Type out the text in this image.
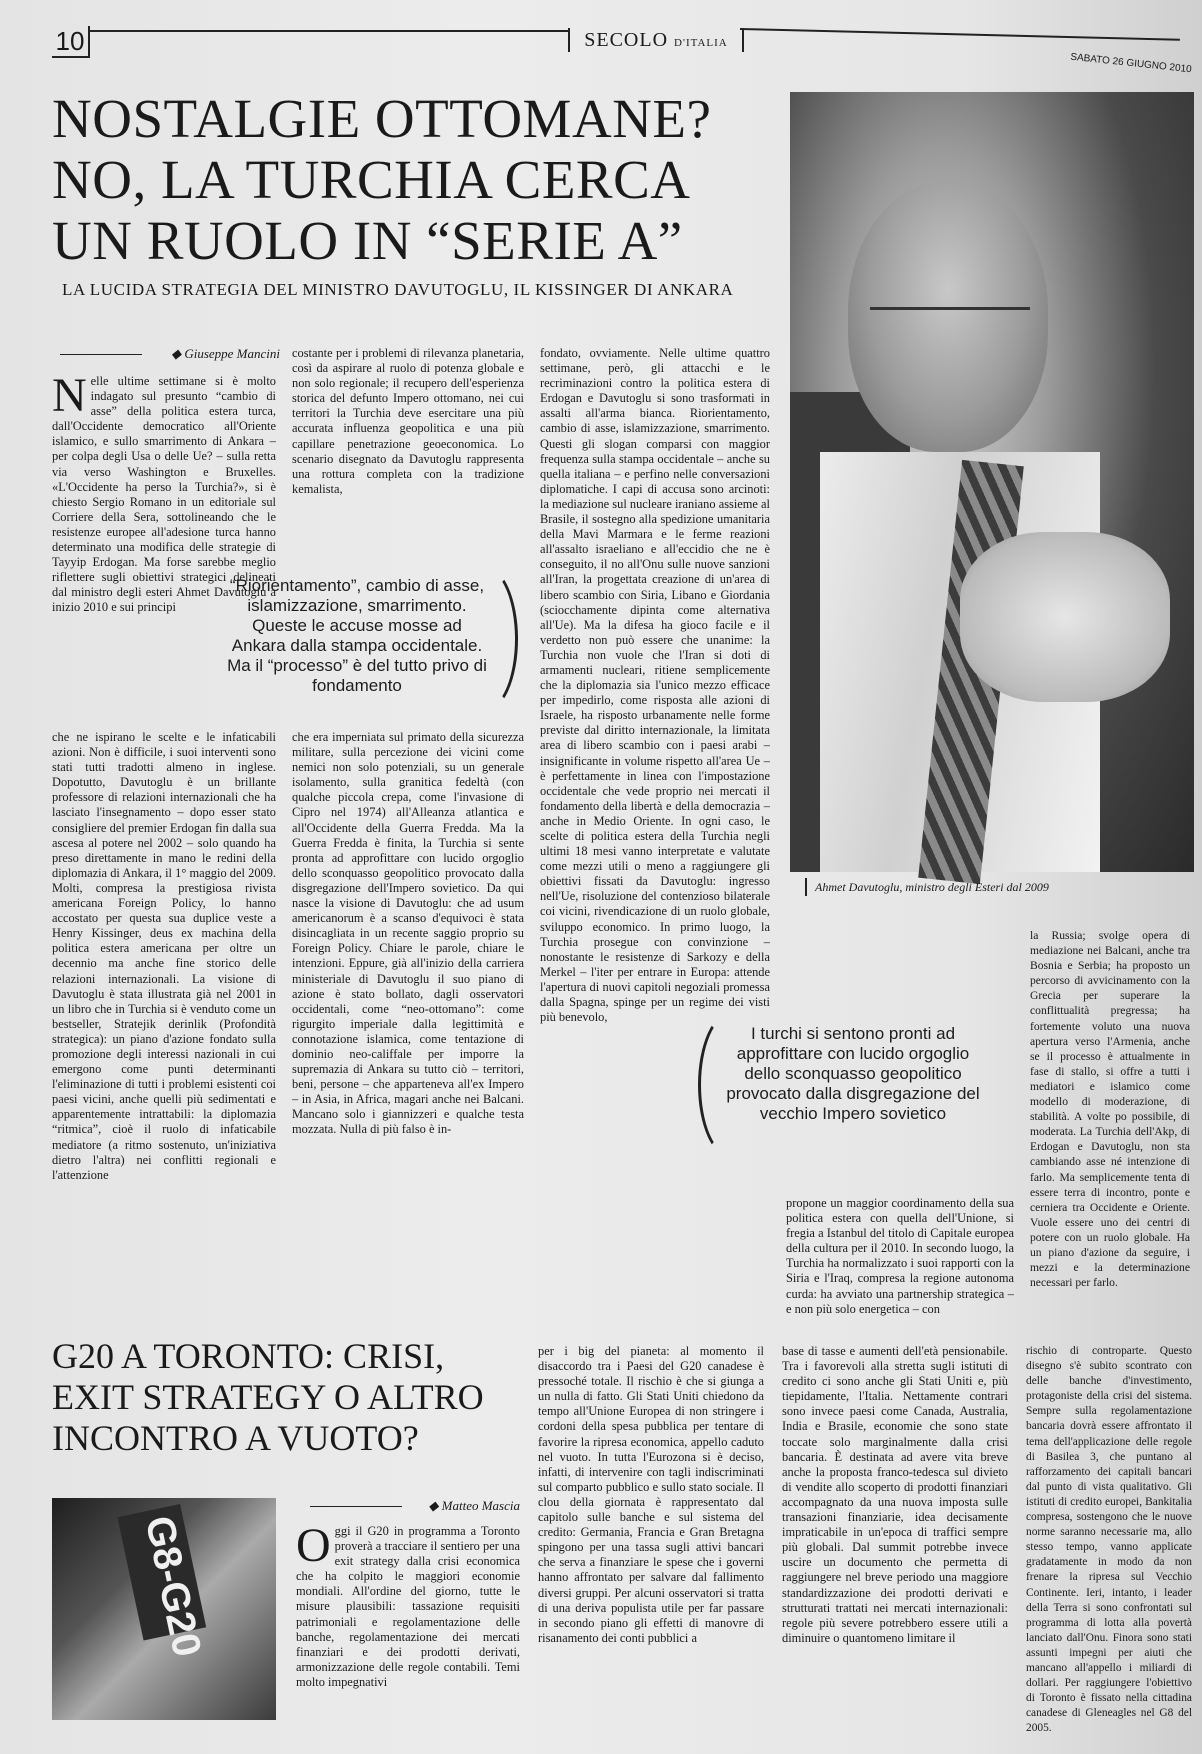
10	SECOLO D'ITALIA
SABATO 26 GIUGNO 2010
NOSTALGIE OTTOMANE?
NO, LA TURCHIA CERCA
UN RUOLO IN “SERIE A”
LA LUCIDA STRATEGIA DEL MINISTRO DAVUTOGLU, IL KISSINGER DI ANKARA
Ahmet Davutoglu, ministro degli Esteri dal 2009
◆ Giuseppe Mancini
Nelle ultime settimane si è molto indagato sul presunto “cambio di asse” della politica estera turca, dall'Occidente democratico all'Oriente islamico, e sullo smarrimento di Ankara – per colpa degli Usa o delle Ue? – sulla retta via verso Washington e Bruxelles. «L'Occidente ha perso la Turchia?», si è chiesto Sergio Romano in un editoriale sul Corriere della Sera, sottolineando che le resistenze europee all'adesione turca hanno determinato una modifica delle strategie di Tayyip Erdogan. Ma forse sarebbe meglio riflettere sugli obiettivi strategici delineati dal ministro degli esteri Ahmet Davutoglu a inizio 2010 e sui principi
“Riorientamento”, cambio di asse, islamizzazione, smarrimento. Queste le accuse mosse ad Ankara dalla stampa occidentale. Ma il “processo” è del tutto privo di fondamento
che ne ispirano le scelte e le infaticabili azioni. Non è difficile, i suoi interventi sono stati tutti tradotti almeno in inglese. Dopotutto, Davutoglu è un brillante professore di relazioni internazionali che ha lasciato l'insegnamento – dopo esser stato consigliere del premier Erdogan fin dalla sua ascesa al potere nel 2002 – solo quando ha preso direttamente in mano le redini della diplomazia di Ankara, il 1° maggio del 2009. Molti, compresa la prestigiosa rivista americana Foreign Policy, lo hanno accostato per questa sua duplice veste a Henry Kissinger, deus ex machina della politica estera americana per oltre un decennio ma anche fine storico delle relazioni internazionali. La visione di Davutoglu è stata illustrata già nel 2001 in un libro che in Turchia si è venduto come un bestseller, Stratejik derinlik (Profondità strategica): un piano d'azione fondato sulla promozione degli interessi nazionali in cui emergono come punti determinanti l'eliminazione di tutti i problemi esistenti coi paesi vicini, anche quelli più sedimentati e apparentemente intrattabili: la diplomazia “ritmica”, cioè il ruolo di infaticabile mediatore (a ritmo sostenuto, un'iniziativa dietro l'altra) nei conflitti regionali e l'attenzione
costante per i problemi di rilevanza planetaria, così da aspirare al ruolo di potenza globale e non solo regionale; il recupero dell'esperienza storica del defunto Impero ottomano, nei cui territori la Turchia deve esercitare una più accurata influenza geopolitica e una più capillare penetrazione geoeconomica. Lo scenario disegnato da Davutoglu rappresenta una rottura completa con la tradizione kemalista,
che era imperniata sul primato della sicurezza militare, sulla percezione dei vicini come nemici non solo potenziali, su un generale isolamento, sulla granitica fedeltà (con qualche piccola crepa, come l'invasione di Cipro nel 1974) all'Alleanza atlantica e all'Occidente della Guerra Fredda. Ma la Guerra Fredda è finita, la Turchia si sente pronta ad approfittare con lucido orgoglio dello sconquasso geopolitico provocato dalla disgregazione dell'Impero sovietico. Da qui nasce la visione di Davutoglu: che ad usum americanorum è a scanso d'equivoci è stata disincagliata in un recente saggio proprio su Foreign Policy. Chiare le parole, chiare le intenzioni. Eppure, già all'inizio della carriera ministeriale di Davutoglu il suo piano di azione è stato bollato, dagli osservatori occidentali, come “neo-ottomano”: come rigurgito imperiale dalla legittimità e connotazione islamica, come tentazione di dominio neo-califfale per imporre la supremazia di Ankara su tutto ciò – territori, beni, persone – che apparteneva all'ex Impero – in Asia, in Africa, magari anche nei Balcani. Mancano solo i giannizzeri e qualche testa mozzata. Nulla di più falso è in-
fondato, ovviamente. Nelle ultime quattro settimane, però, gli attacchi e le recriminazioni contro la politica estera di Erdogan e Davutoglu si sono trasformati in assalti all'arma bianca. Riorientamento, cambio di asse, islamizzazione, smarrimento. Questi gli slogan comparsi con maggior frequenza sulla stampa occidentale – anche su quella italiana – e perfino nelle conversazioni diplomatiche. I capi di accusa sono arcinoti: la mediazione sul nucleare iraniano assieme al Brasile, il sostegno alla spedizione umanitaria della Mavi Marmara e le ferme reazioni all'assalto israeliano e all'eccidio che ne è conseguito, il no all'Onu sulle nuove sanzioni all'Iran, la progettata creazione di un'area di libero scambio con Siria, Libano e Giordania (sciocchamente dipinta come alternativa all'Ue). Ma la difesa ha gioco facile e il verdetto non può essere che unanime: la Turchia non vuole che l'Iran si doti di armamenti nucleari, ritiene semplicemente che la diplomazia sia l'unico mezzo efficace per impedirlo, come risposta alle azioni di Israele, ha risposto urbanamente nelle forme previste dal diritto internazionale, la limitata area di libero scambio con i paesi arabi – insignificante in volume rispetto all'area Ue – è perfettamente in linea con l'impostazione occidentale che vede proprio nei mercati il fondamento della libertà e della democrazia – anche in Medio Oriente. In ogni caso, le scelte di politica estera della Turchia negli ultimi 18 mesi vanno interpretate e valutate come mezzi utili o meno a raggiungere gli obiettivi fissati da Davutoglu: ingresso nell'Ue, risoluzione del contenzioso bilaterale coi vicini, rivendicazione di un ruolo globale, sviluppo economico. In primo luogo, la Turchia prosegue con convinzione – nonostante le resistenze di Sarkozy e della Merkel – l'iter per entrare in Europa: attende l'apertura di nuovi capitoli negoziali promessa dalla Spagna, spinge per un regime dei visti più benevolo,
I turchi si sentono pronti ad approfittare con lucido orgoglio dello sconquasso geopolitico provocato dalla disgregazione del vecchio Impero sovietico
propone un maggior coordinamento della sua politica estera con quella dell'Unione, si fregia a Istanbul del titolo di Capitale europea della cultura per il 2010. In secondo luogo, la Turchia ha normalizzato i suoi rapporti con la Siria e l'Iraq, compresa la regione autonoma curda: ha avviato una partnership strategica – e non più solo energetica – con
la Russia; svolge opera di mediazione nei Balcani, anche tra Bosnia e Serbia; ha proposto un percorso di avvicinamento con la Grecia per superare la conflittualità pregressa; ha fortemente voluto una nuova apertura verso l'Armenia, anche se il processo è attualmente in fase di stallo, si offre a tutti i mediatori e islamico come modello di moderazione, di stabilità. A volte po possibile, di moderata. La Turchia dell'Akp, di Erdogan e Davutoglu, non sta cambiando asse né intenzione di farlo. Ma semplicemente tenta di essere terra di incontro, ponte e cerniera tra Occidente e Oriente. Vuole essere uno dei centri di potere con un ruolo globale. Ha un piano d'azione da seguire, i mezzi e la determinazione necessari per farlo.
G20 A TORONTO: CRISI,
EXIT STRATEGY O ALTRO
INCONTRO A VUOTO?
G8-G20
◆ Matteo Mascia
Oggi il G20 in programma a Toronto proverà a tracciare il sentiero per una exit strategy dalla crisi economica che ha colpito le maggiori economie mondiali. All'ordine del giorno, tutte le misure plausibili: tassazione requisiti patrimoniali e regolamentazione delle banche, regolamentazione dei mercati finanziari e dei prodotti derivati, armonizzazione delle regole contabili. Temi molto impegnativi
per i big del pianeta: al momento il disaccordo tra i Paesi del G20 canadese è pressoché totale. Il rischio è che si giunga a un nulla di fatto. Gli Stati Uniti chiedono da tempo all'Unione Europea di non stringere i cordoni della spesa pubblica per tentare di favorire la ripresa economica, appello caduto nel vuoto. In tutta l'Eurozona si è deciso, infatti, di intervenire con tagli indiscriminati sul comparto pubblico e sullo stato sociale. Il clou della giornata è rappresentato dal capitolo sulle banche e sul sistema del credito: Germania, Francia e Gran Bretagna spingono per una tassa sugli attivi bancari che serva a finanziare le spese che i governi hanno affrontato per salvare dal fallimento diversi gruppi. Per alcuni osservatori si tratta di una deriva populista utile per far passare in secondo piano gli effetti di manovre di risanamento dei conti pubblici a
base di tasse e aumenti dell'età pensionabile. Tra i favorevoli alla stretta sugli istituti di credito ci sono anche gli Stati Uniti e, più tiepidamente, l'Italia. Nettamente contrari sono invece paesi come Canada, Australia, India e Brasile, economie che sono state toccate solo marginalmente dalla crisi bancaria. È destinata ad avere vita breve anche la proposta franco-tedesca sul divieto di vendite allo scoperto di prodotti finanziari accompagnato da una nuova imposta sulle transazioni finanziarie, idea decisamente impraticabile in un'epoca di traffici sempre più globali. Dal summit potrebbe invece uscire un documento che permetta di raggiungere nel breve periodo una maggiore standardizzazione dei prodotti derivati e strutturati trattati nei mercati internazionali: regole più severe potrebbero essere utili a diminuire o quantomeno limitare il
rischio di controparte. Questo disegno s'è subito scontrato con delle banche d'investimento, protagoniste della crisi del sistema. Sempre sulla regolamentazione bancaria dovrà essere affrontato il tema dell'applicazione delle regole di Basilea 3, che puntano al rafforzamento dei capitali bancari dal punto di vista qualitativo. Gli istituti di credito europei, Bankitalia compresa, sostengono che le nuove norme saranno necessarie ma, allo stesso tempo, vanno applicate gradatamente in modo da non frenare la ripresa sul Vecchio Continente. Ieri, intanto, i leader della Terra si sono confrontati sul programma di lotta alla povertà lanciato dall'Onu. Finora sono stati assunti impegni per aiuti che mancano all'appello i miliardi di dollari. Per raggiungere l'obiettivo di Toronto è fissato nella cittadina canadese di Gleneagles nel G8 del 2005.
